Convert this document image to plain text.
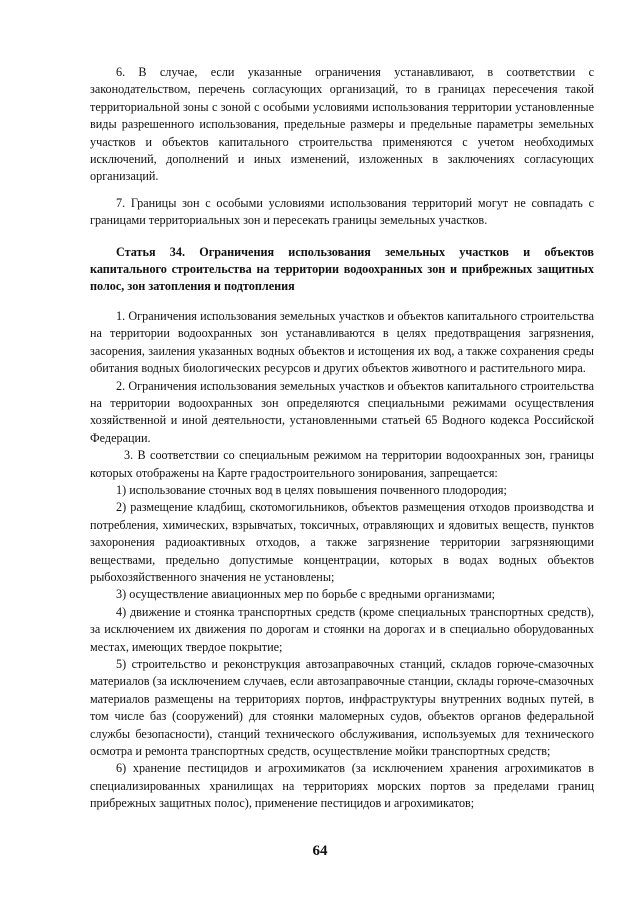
6. В случае, если указанные ограничения устанавливают, в соответствии с законодательством, перечень согласующих организаций, то в границах пересечения такой территориальной зоны с зоной с особыми условиями использования территории установленные виды разрешенного использования, предельные размеры и предельные параметры земельных участков и объектов капитального строительства применяются с учетом необходимых исключений, дополнений и иных изменений, изложенных в заключениях согласующих организаций.

7. Границы зон с особыми условиями использования территорий могут не совпадать с границами территориальных зон и пересекать границы земельных участков.

Статья 34. Ограничения использования земельных участков и объектов капитального строительства на территории водоохранных зон и прибрежных защитных полос, зон затопления и подтопления

1. Ограничения использования земельных участков и объектов капитального строительства на территории водоохранных зон устанавливаются в целях предотвращения загрязнения, засорения, заиления указанных водных объектов и истощения их вод, а также сохранения среды обитания водных биологических ресурсов и других объектов животного и растительного мира.

2. Ограничения использования земельных участков и объектов капитального строительства на территории водоохранных зон определяются специальными режимами осуществления хозяйственной и иной деятельности, установленными статьей 65 Водного кодекса Российской Федерации.

3. В соответствии со специальным режимом на территории водоохранных зон, границы которых отображены на Карте градостроительного зонирования, запрещается:

1) использование сточных вод в целях повышения почвенного плодородия;

2) размещение кладбищ, скотомогильников, объектов размещения отходов производства и потребления, химических, взрывчатых, токсичных, отравляющих и ядовитых веществ, пунктов захоронения радиоактивных отходов, а также загрязнение территории загрязняющими веществами, предельно допустимые концентрации, которых в водах водных объектов рыбохозяйственного значения не установлены;

3) осуществление авиационных мер по борьбе с вредными организмами;

4) движение и стоянка транспортных средств (кроме специальных транспортных средств), за исключением их движения по дорогам и стоянки на дорогах и в специально оборудованных местах, имеющих твердое покрытие;

5) строительство и реконструкция автозаправочных станций, складов горюче-смазочных материалов (за исключением случаев, если автозаправочные станции, склады горюче-смазочных материалов размещены на территориях портов, инфраструктуры внутренних водных путей, в том числе баз (сооружений) для стоянки маломерных судов, объектов органов федеральной службы безопасности), станций технического обслуживания, используемых для технического осмотра и ремонта транспортных средств, осуществление мойки транспортных средств;

6) хранение пестицидов и агрохимикатов (за исключением хранения агрохимикатов в специализированных хранилищах на территориях морских портов за пределами границ прибрежных защитных полос), применение пестицидов и агрохимикатов;

64
